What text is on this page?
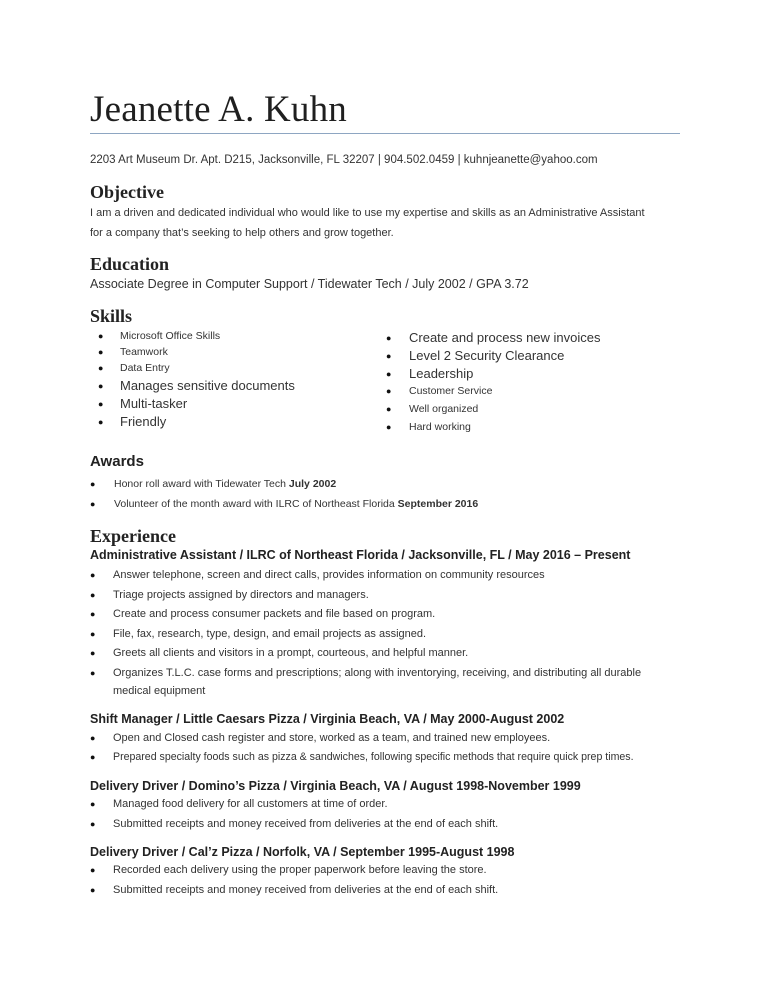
Jeanette A. Kuhn
2203 Art Museum Dr. Apt. D215, Jacksonville, FL 32207 | 904.502.0459 | kuhnjeanette@yahoo.com
Objective
I am a driven and dedicated individual who would like to use my expertise and skills as an Administrative Assistant
for a company that’s seeking to help others and grow together.
Education
Associate Degree in Computer Support / Tidewater Tech / July 2002 / GPA 3.72
Skills
● Microsoft Office Skills
● Teamwork
● Data Entry
● Manages sensitive documents
● Multi-tasker
● Friendly
● Create and process new invoices
● Level 2 Security Clearance
● Leadership
● Customer Service
● Well organized
● Hard working
Awards
● Honor roll award with Tidewater Tech July 2002
● Volunteer of the month award with ILRC of Northeast Florida September 2016
Experience
Administrative Assistant / ILRC of Northeast Florida / Jacksonville, FL / May 2016 – Present
● Answer telephone, screen and direct calls, provides information on community resources
● Triage projects assigned by directors and managers.
● Create and process consumer packets and file based on program.
● File, fax, research, type, design, and email projects as assigned.
● Greets all clients and visitors in a prompt, courteous, and helpful manner.
● Organizes T.L.C. case forms and prescriptions; along with inventorying, receiving, and distributing all durable
medical equipment
Shift Manager / Little Caesars Pizza / Virginia Beach, VA / May 2000-August 2002
● Open and Closed cash register and store, worked as a team, and trained new employees.
● Prepared specialty foods such as pizza & sandwiches, following specific methods that require quick prep times.
Delivery Driver / Domino’s Pizza / Virginia Beach, VA / August 1998-November 1999
● Managed food delivery for all customers at time of order.
● Submitted receipts and money received from deliveries at the end of each shift.
Delivery Driver / Cal’z Pizza / Norfolk, VA / September 1995-August 1998
● Recorded each delivery using the proper paperwork before leaving the store.
● Submitted receipts and money received from deliveries at the end of each shift.
